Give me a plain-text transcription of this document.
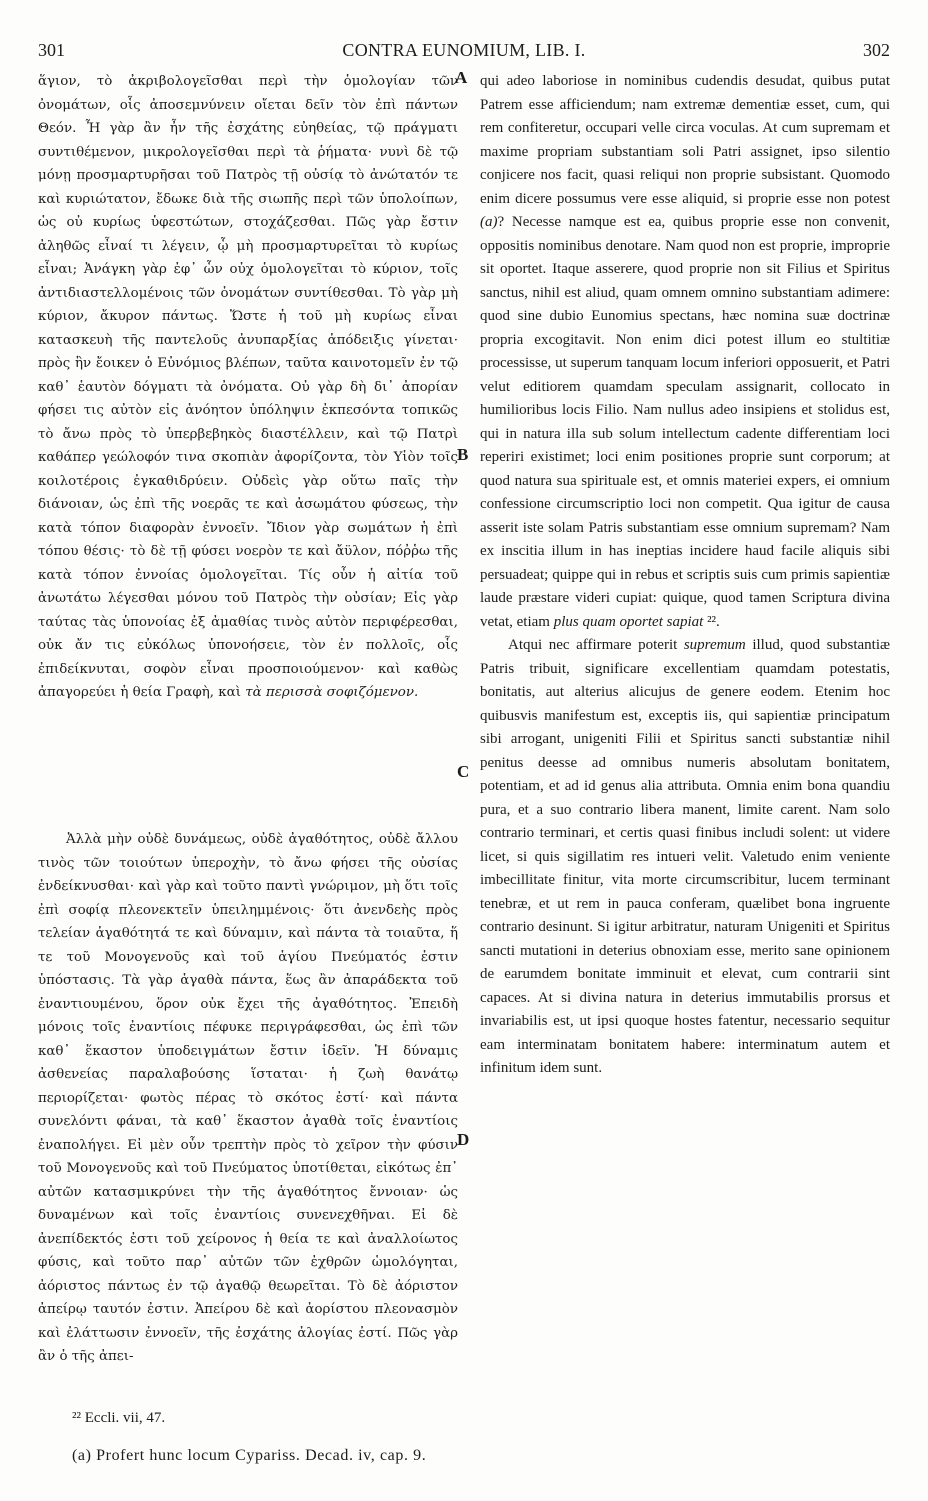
301	CONTRA EUNOMIUM, LIB. I.	302

ἅγιον, τὸ ἀκριβολογεῖσθαι περὶ τὴν ὁμολογίαν τῶν ὀνομάτων, οἷς ἀποσεμνύνειν οἴεται δεῖν τὸν ἐπὶ πάντων Θεόν. Ἦ γὰρ ἂν ἦν τῆς ἐσχάτης εὐηθείας, τῷ πράγματι συντιθέμενον, μικρολογεῖσθαι περὶ τὰ ῥήματα· νυνὶ δὲ τῷ μόνῃ προσμαρτυρῆσαι τοῦ Πατρὸς τῇ οὐσίᾳ τὸ ἀνώτατόν τε καὶ κυριώτατον, ἔδωκε διὰ τῆς σιωπῆς περὶ τῶν ὑπολοίπων, ὡς οὐ κυρίως ὑφεστώτων, στοχάζεσθαι. Πῶς γὰρ ἔστιν ἀληθῶς εἶναί τι λέγειν, ᾧ μὴ προσμαρτυρεῖται τὸ κυρίως εἶναι; Ἀνάγκη γὰρ ἐφ᾽ ὧν οὐχ ὁμολογεῖται τὸ κύριον, τοῖς ἀντιδιαστελλομένοις τῶν ὀνομάτων συντίθεσθαι. Τὸ γὰρ μὴ κύριον, ἄκυρον πάντως. Ὥστε ἡ τοῦ μὴ κυρίως εἶναι κατασκευὴ τῆς παντελοῦς ἀνυπαρξίας ἀπόδειξις γίνεται· πρὸς ἣν ἔοικεν ὁ Εὐνόμιος βλέπων, ταῦτα καινοτομεῖν ἐν τῷ καθ᾽ ἑαυτὸν δόγματι τὰ ὀνόματα. Οὐ γὰρ δὴ δι᾽ ἀπορίαν φήσει τις αὐτὸν εἰς ἀνόητον ὑπόληψιν ἐκπεσόντα τοπικῶς τὸ ἄνω πρὸς τὸ ὑπερβεβηκὸς διαστέλλειν, καὶ τῷ Πατρὶ καθάπερ γεώλοφόν τινα σκοπιὰν ἀφορίζοντα, τὸν Υἱὸν τοῖς κοιλοτέροις ἐγκαθιδρύειν. Οὐδεὶς γὰρ οὕτω παῖς τὴν διάνοιαν, ὡς ἐπὶ τῆς νοερᾶς τε καὶ ἀσωμάτου φύσεως, τὴν κατὰ τόπον διαφορὰν ἐννοεῖν. Ἴδιον γὰρ σωμάτων ἡ ἐπὶ τόπου θέσις· τὸ δὲ τῇ φύσει νοερὸν τε καὶ ἄϋλον, πόῤῥω τῆς κατὰ τόπον ἐννοίας ὁμολογεῖται. Τίς οὖν ἡ αἰτία τοῦ ἀνωτάτω λέγεσθαι μόνου τοῦ Πατρὸς τὴν οὐσίαν; Εἰς γὰρ ταύτας τὰς ὑπονοίας ἐξ ἀμαθίας τινὸς αὐτὸν περιφέρεσθαι, οὐκ ἄν τις εὐκόλως ὑπονοήσειε, τὸν ἐν πολλοῖς, οἷς ἐπιδείκνυται, σοφὸν εἶναι προσποιούμενον· καὶ καθὼς ἀπαγορεύει ἡ θεία Γραφὴ, καὶ τὰ περισσὰ σοφιζόμενον.

Ἀλλὰ μὴν οὐδὲ δυνάμεως, οὐδὲ ἀγαθότητος, οὐδὲ ἄλλου τινὸς τῶν τοιούτων ὑπεροχὴν, τὸ ἄνω φήσει τῆς οὐσίας ἐνδείκνυσθαι· καὶ γὰρ καὶ τοῦτο παντὶ γνώριμον, μὴ ὅτι τοῖς ἐπὶ σοφίᾳ πλεονεκτεῖν ὑπειλημμένοις· ὅτι ἀνενδεὴς πρὸς τελείαν ἀγαθότητά τε καὶ δύναμιν, καὶ πάντα τὰ τοιαῦτα, ἥ τε τοῦ Μονογενοῦς καὶ τοῦ ἁγίου Πνεύματός ἐστιν ὑπόστασις. Τὰ γὰρ ἀγαθὰ πάντα, ἕως ἂν ἀπαράδεκτα τοῦ ἐναντιουμένου, ὅρον οὐκ ἔχει τῆς ἀγαθότητος. Ἐπειδὴ μόνοις τοῖς ἐναντίοις πέφυκε περιγράφεσθαι, ὡς ἐπὶ τῶν καθ᾽ ἕκαστον ὑποδειγμάτων ἔστιν ἰδεῖν. Ἡ δύναμις ἀσθενείας παραλαβούσης ἵσταται· ἡ ζωὴ θανάτῳ περιορίζεται· φωτὸς πέρας τὸ σκότος ἐστί· καὶ πάντα συνελόντι φάναι, τὰ καθ᾽ ἕκαστον ἀγαθὰ τοῖς ἐναντίοις ἐναπολήγει. Εἰ μὲν οὖν τρεπτὴν πρὸς τὸ χεῖρον τὴν φύσιν τοῦ Μονογενοῦς καὶ τοῦ Πνεύματος ὑποτίθεται, εἰκότως ἐπ᾽ αὐτῶν κατασμικρύνει τὴν τῆς ἀγαθότητος ἔννοιαν· ὡς δυναμένων καὶ τοῖς ἐναντίοις συνενεχθῆναι. Εἰ δὲ ἀνεπίδεκτός ἐστι τοῦ χείρονος ἡ θεία τε καὶ ἀναλλοίωτος φύσις, καὶ τοῦτο παρ᾽ αὐτῶν τῶν ἐχθρῶν ὡμολόγηται, ἀόριστος πάντως ἐν τῷ ἀγαθῷ θεωρεῖται. Τὸ δὲ ἀόριστον ἀπείρῳ ταυτόν ἐστιν. Ἀπείρου δὲ καὶ ἀορίστου πλεονασμὸν καὶ ἐλάττωσιν ἐννοεῖν, τῆς ἐσχάτης ἀλογίας ἐστί. Πῶς γὰρ ἂν ὁ τῆς ἀπει-

qui adeo laboriose in nominibus cudendis desudat, quibus putat Patrem esse afficiendum; nam extremæ dementiæ esset, cum, qui rem confiteretur, occupari velle circa voculas. At cum supremam et maxime propriam substantiam soli Patri assignet, ipso silentio conjicere nos facit, quasi reliqui non proprie subsistant. Quomodo enim dicere possumus vere esse aliquid, si proprie esse non potest (a)? Necesse namque est ea, quibus proprie esse non convenit, oppositis nominibus denotare. Nam quod non est proprie, improprie sit oportet. Itaque asserere, quod proprie non sit Filius et Spiritus sanctus, nihil est aliud, quam omnem omnino substantiam adimere: quod sine dubio Eunomius spectans, hæc nomina suæ doctrinæ propria excogitavit. Non enim dici potest illum eo stultitiæ processisse, ut superum tanquam locum inferiori opposuerit, et Patri velut editiorem quamdam speculam assignarit, collocato in humilioribus locis Filio. Nam nullus adeo insipiens et stolidus est, qui in natura illa sub solum intellectum cadente differentiam loci reperiri existimet; loci enim positiones proprie sunt corporum; at quod natura sua spirituale est, et omnis materiei expers, ei omnium confessione circumscriptio loci non competit. Qua igitur de causa asserit iste solam Patris substantiam esse omnium supremam? Nam ex inscitia illum in has ineptias incidere haud facile aliquis sibi persuadeat; quippe qui in rebus et scriptis suis cum primis sapientiæ laude præstare videri cupiat: quique, quod tamen Scriptura divina vetat, etiam plus quam oportet sapiat ²².

Atqui nec affirmare poterit supremum illud, quod substantiæ Patris tribuit, significare excellentiam quamdam potestatis, bonitatis, aut alterius alicujus de genere eodem. Etenim hoc quibusvis manifestum est, exceptis iis, qui sapientiæ principatum sibi arrogant, unigeniti Filii et Spiritus sancti substantiæ nihil penitus deesse ad omnibus numeris absolutam bonitatem, potentiam, et ad id genus alia attributa. Omnia enim bona quandiu pura, et a suo contrario libera manent, limite carent. Nam solo contrario terminari, et certis quasi finibus includi solent: ut videre licet, si quis sigillatim res intueri velit. Valetudo enim veniente imbecillitate finitur, vita morte circumscribitur, lucem terminant tenebræ, et ut rem in pauca conferam, quælibet bona ingruente contrario desinunt. Si igitur arbitratur, naturam Unigeniti et Spiritus sancti mutationi in deterius obnoxiam esse, merito sane opinionem de earumdem bonitate imminuit et elevat, cum contrarii sint capaces. At si divina natura in deterius immutabilis prorsus et invariabilis est, ut ipsi quoque hostes fatentur, necessario sequitur eam interminatam bonitatem habere: interminatum autem et infinitum idem sunt.

A
B
C
D
²² Eccli. vii, 47.
(a) Profert hunc locum Cypariss. Decad. iv, cap. 9.
